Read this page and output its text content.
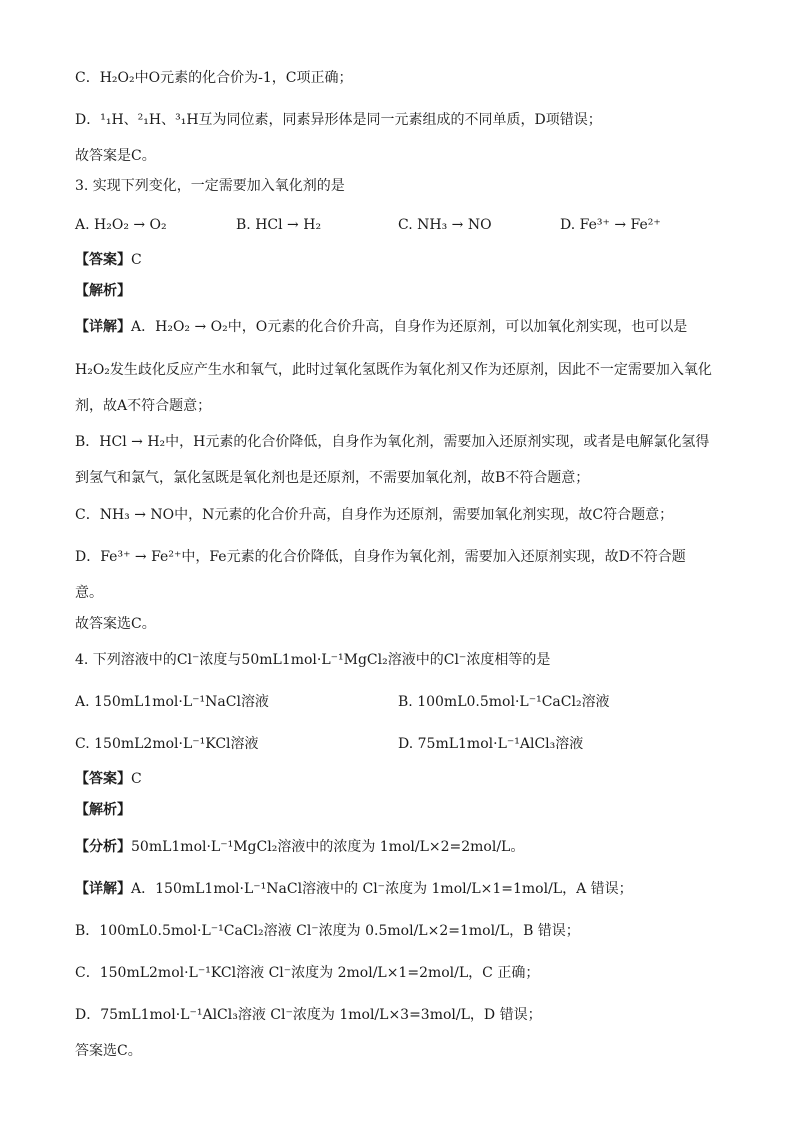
C．H₂O₂中O元素的化合价为-1，C项正确；
D．¹₁H、²₁H、³₁H互为同位素，同素异形体是同一元素组成的不同单质，D项错误；
故答案是C。
3. 实现下列变化，一定需要加入氧化剂的是
A. H₂O₂ → O₂	B. HCl → H₂	C. NH₃ → NO	D. Fe³⁺ → Fe²⁺
【答案】C
【解析】
【详解】A．H₂O₂ → O₂中，O元素的化合价升高，自身作为还原剂，可以加氧化剂实现，也可以是
H₂O₂发生歧化反应产生水和氧气，此时过氧化氢既作为氧化剂又作为还原剂，因此不一定需要加入氧化
剂，故A不符合题意；
B．HCl → H₂中，H元素的化合价降低，自身作为氧化剂，需要加入还原剂实现，或者是电解氯化氢得
到氢气和氯气，氯化氢既是氧化剂也是还原剂，不需要加氧化剂，故B不符合题意；
C．NH₃ → NO中，N元素的化合价升高，自身作为还原剂，需要加氧化剂实现，故C符合题意；
D．Fe³⁺ → Fe²⁺中，Fe元素的化合价降低，自身作为氧化剂，需要加入还原剂实现，故D不符合题
意。
故答案选C。
4. 下列溶液中的Cl⁻浓度与50mL1mol·L⁻¹MgCl₂溶液中的Cl⁻浓度相等的是
A. 150mL1mol·L⁻¹NaCl溶液	B. 100mL0.5mol·L⁻¹CaCl₂溶液
C. 150mL2mol·L⁻¹KCl溶液	D. 75mL1mol·L⁻¹AlCl₃溶液
【答案】C
【解析】
【分析】50mL1mol·L⁻¹MgCl₂溶液中的浓度为 1mol/L×2=2mol/L。
【详解】A．150mL1mol·L⁻¹NaCl溶液中的 Cl⁻浓度为 1mol/L×1=1mol/L，A 错误；
B．100mL0.5mol·L⁻¹CaCl₂溶液 Cl⁻浓度为 0.5mol/L×2=1mol/L，B 错误；
C．150mL2mol·L⁻¹KCl溶液 Cl⁻浓度为 2mol/L×1=2mol/L，C 正确；
D．75mL1mol·L⁻¹AlCl₃溶液 Cl⁻浓度为 1mol/L×3=3mol/L，D 错误；
答案选C。
